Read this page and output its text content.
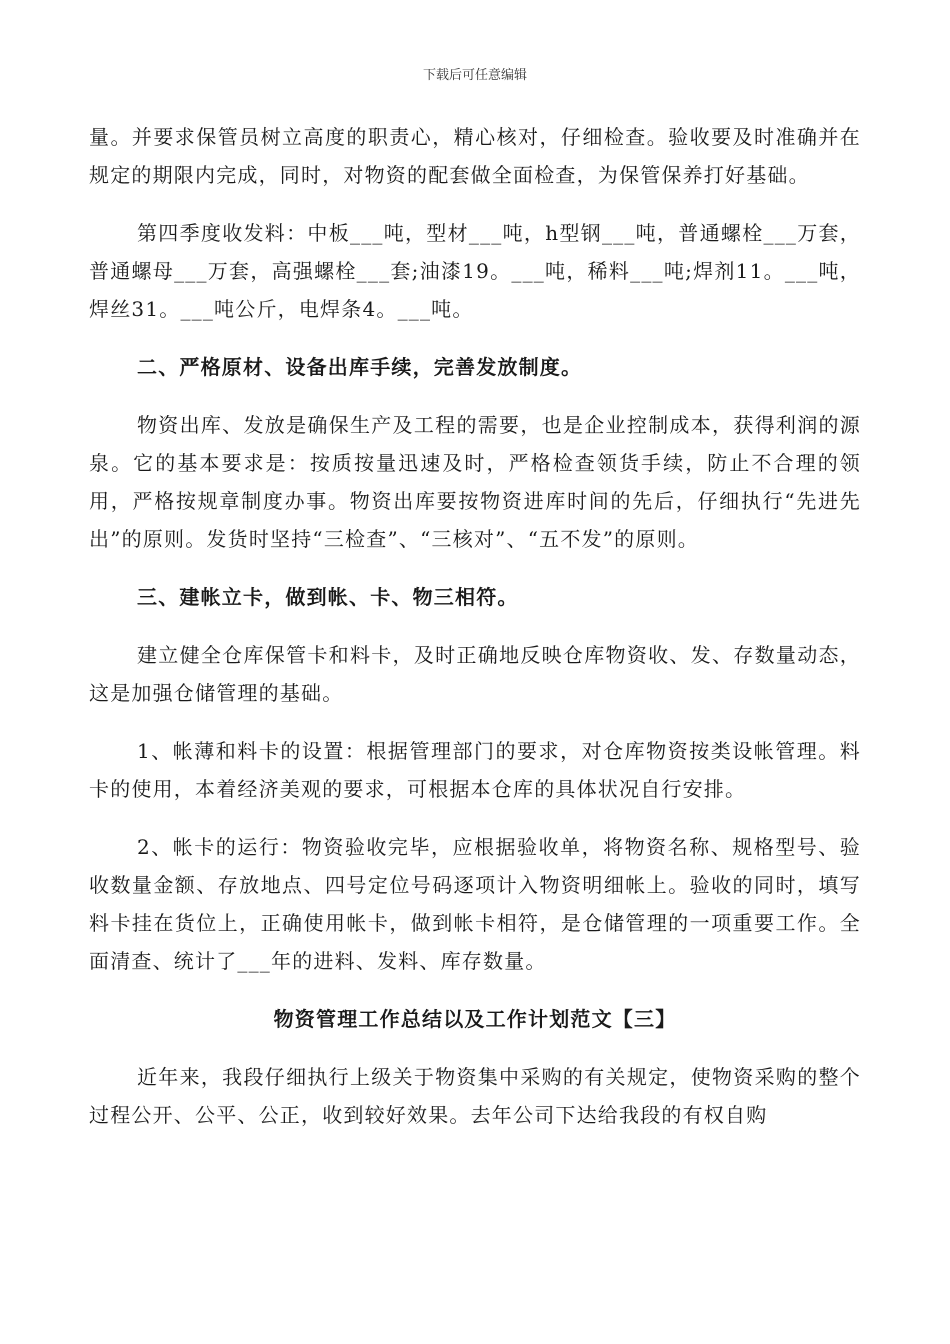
下载后可任意编辑

量。并要求保管员树立高度的职责心，精心核对，仔细检查。验收要及时准确并在规定的期限内完成，同时，对物资的配套做全面检查，为保管保养打好基础。

第四季度收发料：中板___吨，型材___吨，h型钢___吨，普通螺栓___万套，普通螺母___万套，高强螺栓___套;油漆19。___吨，稀料___吨;焊剂11。___吨，焊丝31。___吨公斤，电焊条4。___吨。

二、严格原材、设备出库手续，完善发放制度。

物资出库、发放是确保生产及工程的需要，也是企业控制成本，获得利润的源泉。它的基本要求是：按质按量迅速及时，严格检查领货手续，防止不合理的领用，严格按规章制度办事。物资出库要按物资进库时间的先后，仔细执行“先进先出”的原则。发货时坚持“三检查”、“三核对”、“五不发”的原则。

三、建帐立卡，做到帐、卡、物三相符。

建立健全仓库保管卡和料卡，及时正确地反映仓库物资收、发、存数量动态，这是加强仓储管理的基础。

1、帐薄和料卡的设置：根据管理部门的要求，对仓库物资按类设帐管理。料卡的使用，本着经济美观的要求，可根据本仓库的具体状况自行安排。

2、帐卡的运行：物资验收完毕，应根据验收单，将物资名称、规格型号、验收数量金额、存放地点、四号定位号码逐项计入物资明细帐上。验收的同时，填写料卡挂在货位上，正确使用帐卡，做到帐卡相符，是仓储管理的一项重要工作。全面清查、统计了___年的进料、发料、库存数量。

物资管理工作总结以及工作计划范文【三】

近年来，我段仔细执行上级关于物资集中采购的有关规定，使物资采购的整个过程公开、公平、公正，收到较好效果。去年公司下达给我段的有权自购
